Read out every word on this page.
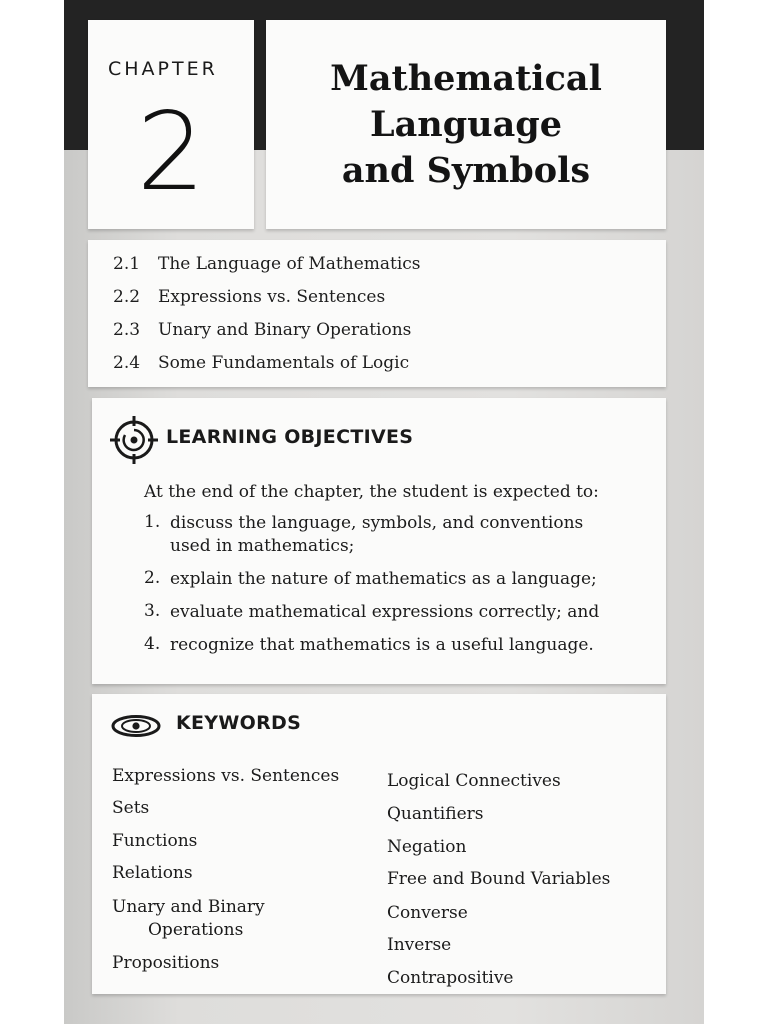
CHAPTER
2
Mathematical
Language
and Symbols
2.1 The Language of Mathematics
2.2 Expressions vs. Sentences
2.3 Unary and Binary Operations
2.4 Some Fundamentals of Logic
LEARNING OBJECTIVES
At the end of the chapter, the student is expected to:
1. discuss the language, symbols, and conventions
used in mathematics;
2. explain the nature of mathematics as a language;
3. evaluate mathematical expressions correctly; and
4. recognize that mathematics is a useful language.
KEYWORDS
Expressions vs. Sentences
Sets
Functions
Relations
Unary and Binary
Operations
Propositions
Logical Connectives
Quantifiers
Negation
Free and Bound Variables
Converse
Inverse
Contrapositive
